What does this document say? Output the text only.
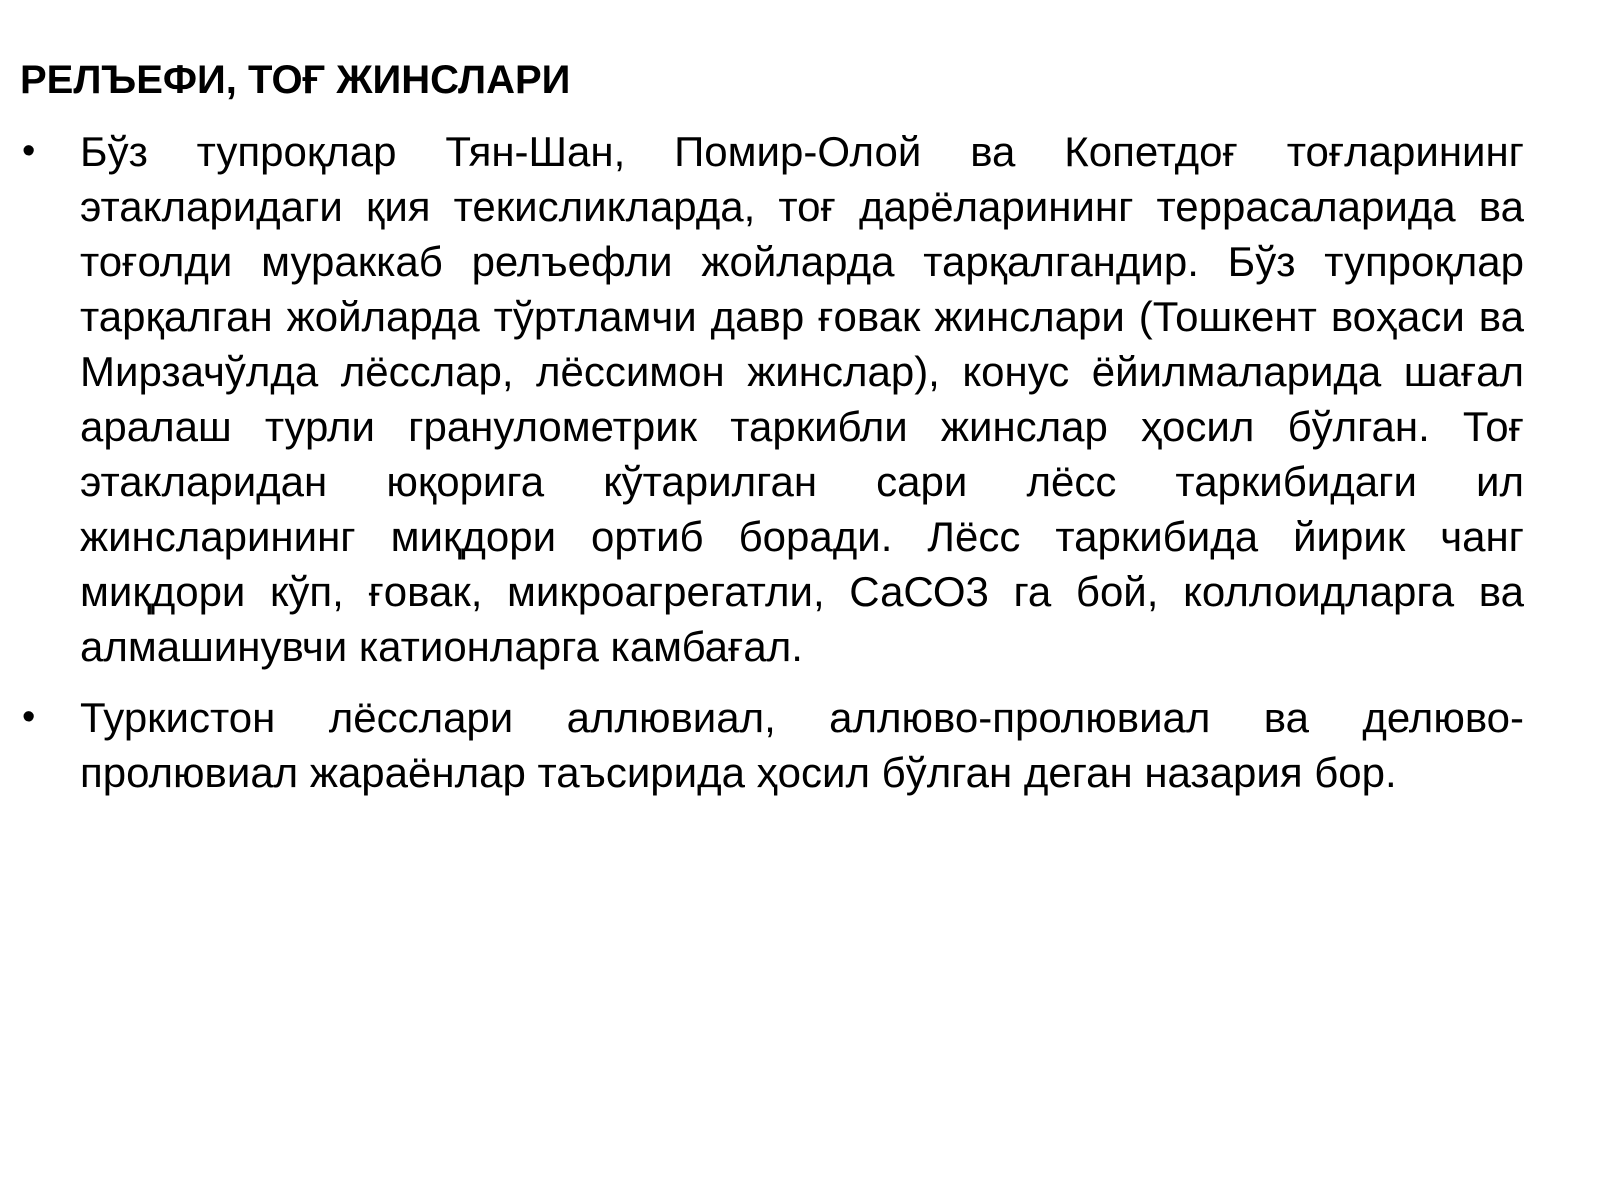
РЕЛЪЕФИ, ТОҒ ЖИНСЛАРИ
• Бўз тупроқлар Тян-Шан, Помир-Олой ва Копетдоғ тоғларининг этакларидаги қия текисликларда, тоғ дарёларининг террасаларида ва тоғолди мураккаб релъефли жойларда тарқалгандир. Бўз тупроқлар тарқалган жойларда тўртламчи давр ғовак жинслари (Тошкент воҳаси ва Мирзачўлда лёсслар, лёссимон жинслар), конус ёйилмаларида шағал аралаш турли гранулометрик таркибли жинслар ҳосил бўлган. Тоғ этакларидан юқорига кўтарилган сари лёсс таркибидаги ил жинсларининг миқдори ортиб боради. Лёсс таркибида йирик чанг миқдори кўп, ғовак, микроагрегатли, СаСО3 га бой, коллоидларга ва алмашинувчи катионларга камбағал.
• Туркистон лёсслари аллювиал, аллюво-пролювиал ва делюво-пролювиал жараёнлар таъсирида ҳосил бўлган деган назария бор.
